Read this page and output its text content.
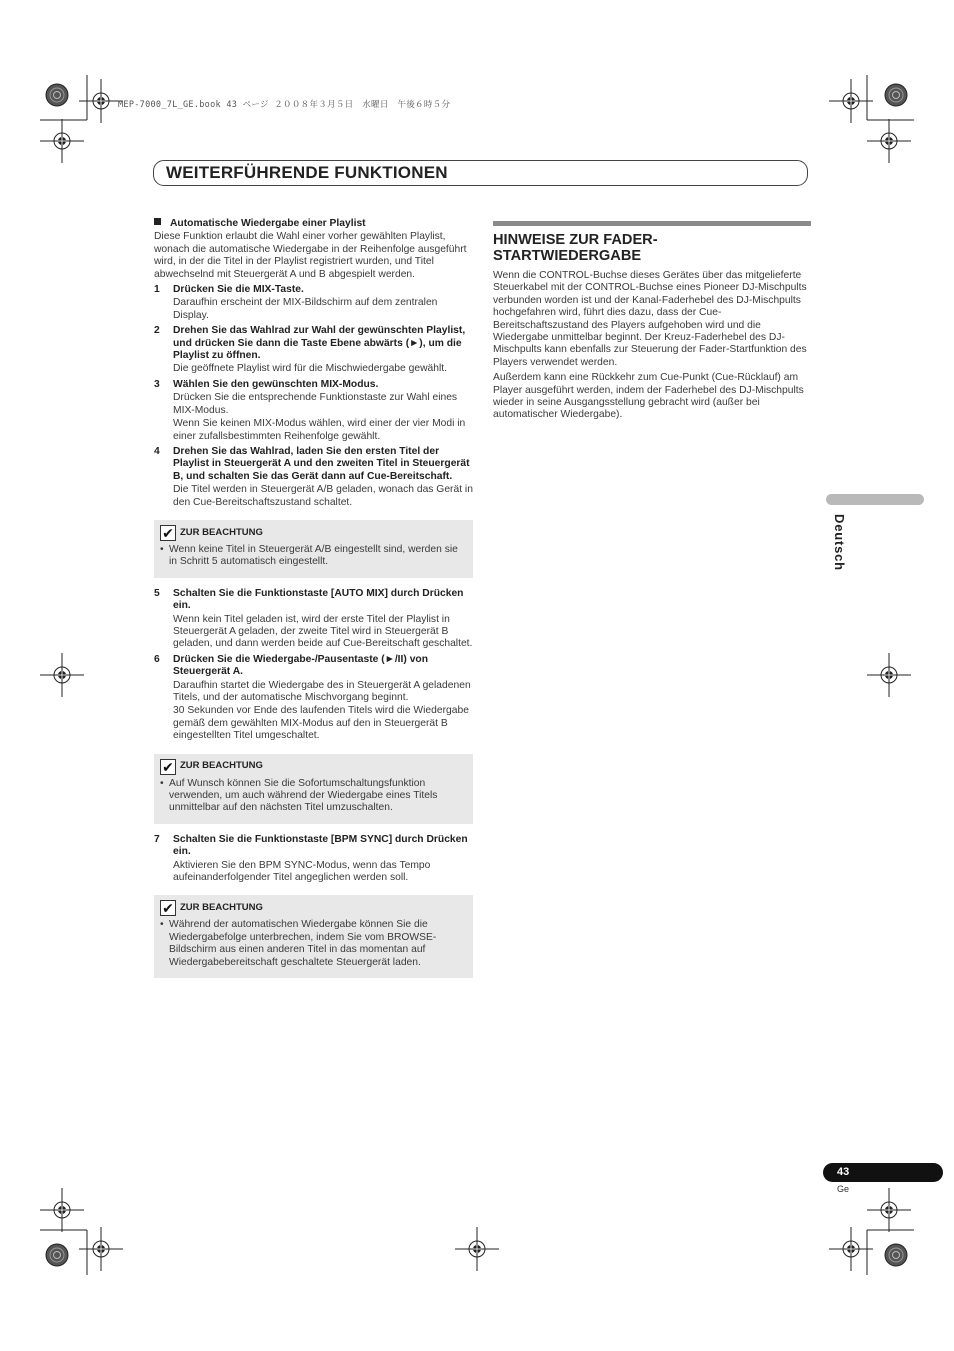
MEP-7000_7L_GE.book 43 ページ ２００８年３月５日　水曜日　午後６時５分
WEITERFÜHRENDE FUNKTIONEN

Automatische Wiedergabe einer Playlist

Diese Funktion erlaubt die Wahl einer vorher gewählten Playlist, wonach die automatische Wiedergabe in der Reihenfolge ausgeführt wird, in der die Titel in der Playlist registriert wurden, und Titel abwechselnd mit Steuergerät A und B abgespielt werden.

1 Drücken Sie die MIX-Taste.

Daraufhin erscheint der MIX-Bildschirm auf dem zentralen Display.

2 Drehen Sie das Wahlrad zur Wahl der gewünschten Playlist, und drücken Sie dann die Taste Ebene abwärts (►), um die Playlist zu öffnen.

Die geöffnete Playlist wird für die Mischwiedergabe gewählt.

3 Wählen Sie den gewünschten MIX-Modus.

Drücken Sie die entsprechende Funktionstaste zur Wahl eines MIX-Modus.

Wenn Sie keinen MIX-Modus wählen, wird einer der vier Modi in einer zufallsbestimmten Reihenfolge gewählt.

4 Drehen Sie das Wahlrad, laden Sie den ersten Titel der Playlist in Steuergerät A und den zweiten Titel in Steuergerät B, und schalten Sie das Gerät dann auf Cue-Bereitschaft.

Die Titel werden in Steuergerät A/B geladen, wonach das Gerät in den Cue-Bereitschaftszustand schaltet.

✔ ZUR BEACHTUNG

• Wenn keine Titel in Steuergerät A/B eingestellt sind, werden sie in Schritt 5 automatisch eingestellt.

5 Schalten Sie die Funktionstaste [AUTO MIX] durch Drücken ein.

Wenn kein Titel geladen ist, wird der erste Titel der Playlist in Steuergerät A geladen, der zweite Titel wird in Steuergerät B geladen, und dann werden beide auf Cue-Bereitschaft geschaltet.

6 Drücken Sie die Wiedergabe-/Pausentaste (►/II) von Steuergerät A.

Daraufhin startet die Wiedergabe des in Steuergerät A geladenen Titels, und der automatische Mischvorgang beginnt.

30 Sekunden vor Ende des laufenden Titels wird die Wiedergabe gemäß dem gewählten MIX-Modus auf den in Steuergerät B eingestellten Titel umgeschaltet.

✔ ZUR BEACHTUNG

• Auf Wunsch können Sie die Sofortumschaltungsfunktion verwenden, um auch während der Wiedergabe eines Titels unmittelbar auf den nächsten Titel umzuschalten.

7 Schalten Sie die Funktionstaste [BPM SYNC] durch Drücken ein.

Aktivieren Sie den BPM SYNC-Modus, wenn das Tempo aufeinanderfolgender Titel angeglichen werden soll.

✔ ZUR BEACHTUNG

• Während der automatischen Wiedergabe können Sie die Wiedergabefolge unterbrechen, indem Sie vom BROWSE-Bildschirm aus einen anderen Titel in das momentan auf Wiedergabebereitschaft geschaltete Steuergerät laden.

HINWEISE ZUR FADER-
STARTWIEDERGABE

Wenn die CONTROL-Buchse dieses Gerätes über das mitgelieferte Steuerkabel mit der CONTROL-Buchse eines Pioneer DJ-Mischpults verbunden worden ist und der Kanal-Faderhebel des DJ-Mischpults hochgefahren wird, führt dies dazu, dass der Cue-Bereitschaftszustand des Players aufgehoben wird und die Wiedergabe unmittelbar beginnt. Der Kreuz-Faderhebel des DJ-Mischpults kann ebenfalls zur Steuerung der Fader-Startfunktion des Players verwendet werden.

Außerdem kann eine Rückkehr zum Cue-Punkt (Cue-Rücklauf) am Player ausgeführt werden, indem der Faderhebel des DJ-Mischpults wieder in seine Ausgangsstellung gebracht wird (außer bei automatischer Wiedergabe).

Deutsch
43
Ge
